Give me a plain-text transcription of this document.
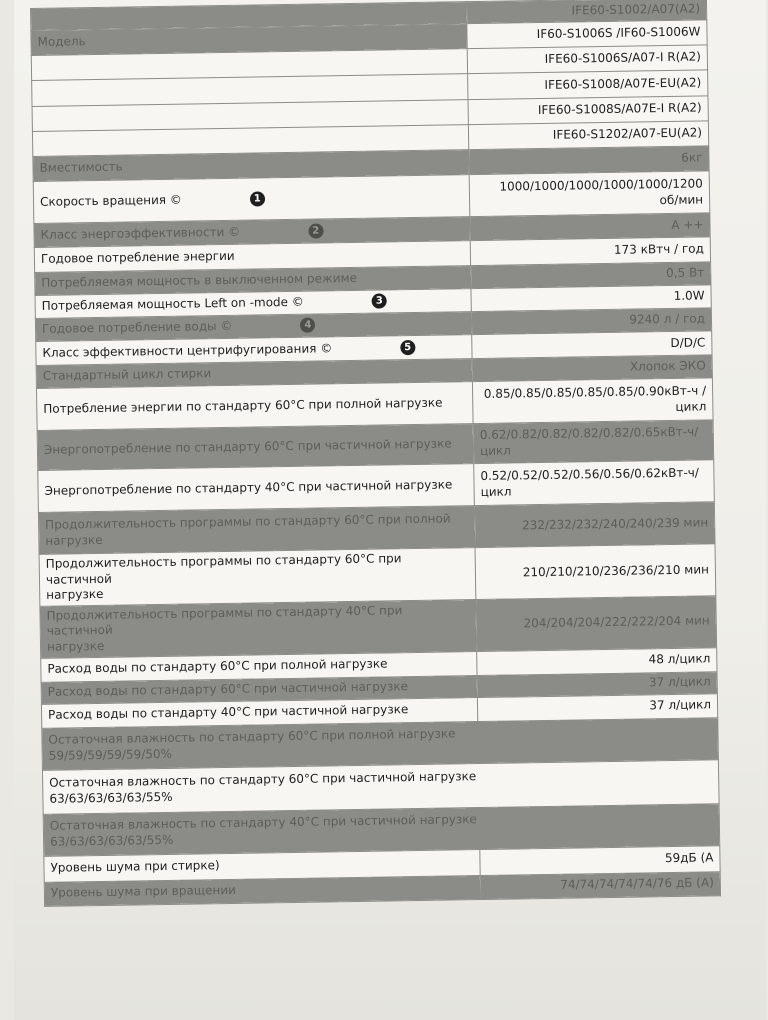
	IFE60-S1002/A07(A2)
Модель	IF60-S1006S /IF60-S1006W
	IFE60-S1006S/A07-I R(A2)
	IFE60-S1008/A07E-EU(A2)
	IFE60-S1008S/A07E-I R(A2)
	IFE60-S1202/A07-EU(A2)
Вместимость	6кг
Скорость вращения © 1	1000/1000/1000/1000/1000/1200
об/мин

Класс энергоэффективности © 2	А ++
Годовое потребление энергии	173 кВтч / год
Потребляемая мощность в выключенном режиме	0,5 Вт
Потребляемая мощность Left on -mode © 3	1.0W
Годовое потребление воды © 4	9240 л / год
Класс эффективности центрифугирования © 5	D/D/C
Стандартный цикл стирки	Хлопок ЭКО
Потребление энергии по стандарту 60°С при полной нагрузке	0.85/0.85/0.85/0.85/0.85/0.90кВт-ч /
цикл

Энергопотребление по стандарту 60°С при частичной нагрузке	0.62/0.82/0.82/0.82/0.82/0.65кВт-ч/
цикл

Энергопотребление по стандарту 40°С при частичной нагрузке	0.52/0.52/0.52/0.56/0.56/0.62кВт-ч/
цикл

Продолжительность программы по стандарту 60°С при полной
нагрузке	232/232/232/240/240/239 мин

Продолжительность программы по стандарту 60°С при частичной
нагрузке	210/210/210/236/236/210 мин

Продолжительность программы по стандарту 40°С при частичной
нагрузке	204/204/204/222/222/204 мин
Расход воды по стандарту 60°С при полной нагрузке	48 л/цикл
Расход воды по стандарту 60°С при частичной нагрузке	37 л/цикл
Расход воды по стандарту 40°С при частичной нагрузке	37 л/цикл

Остаточная влажность по стандарту 60°С при полной нагрузке
59/59/59/59/59/50%	

Остаточная влажность по стандарту 60°С при частичной нагрузке
63/63/63/63/63/55%	

Остаточная влажность по стандарту 40°С при частичной нагрузке
63/63/63/63/63/55%	

Уровень шума при стирке)	59дБ (А
Уровень шума при вращении	74/74/74/74/74/76 дБ (А)
